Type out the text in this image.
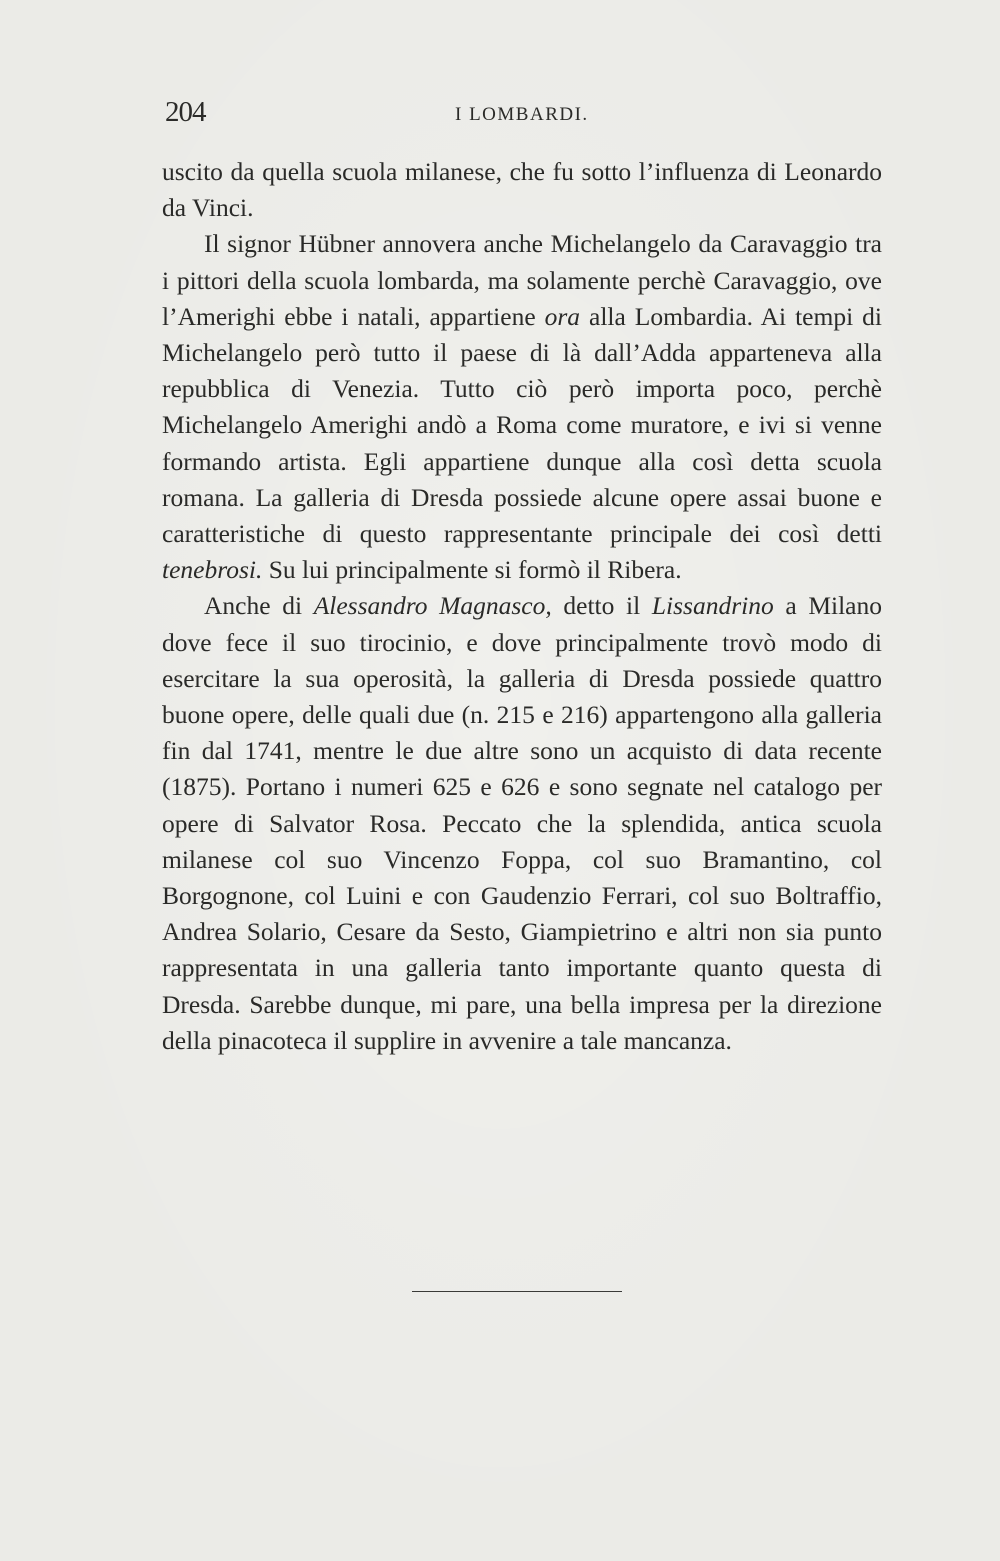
204	I LOMBARDI.

uscito da quella scuola milanese, che fu sotto l’influenza di Leonardo da Vinci.

Il signor Hübner annovera anche Michelangelo da Caravaggio tra i pittori della scuola lombarda, ma solamente perchè Caravaggio, ove l’Amerighi ebbe i natali, appartiene ora alla Lombardia. Ai tempi di Michelangelo però tutto il paese di là dall’Adda apparteneva alla repubblica di Venezia. Tutto ciò però importa poco, perchè Michelangelo Amerighi andò a Roma come muratore, e ivi si venne formando artista. Egli appartiene dunque alla così detta scuola romana. La galleria di Dresda possiede alcune opere assai buone e caratteristiche di questo rappresentante principale dei così detti tenebrosi. Su lui principalmente si formò il Ribera.

Anche di Alessandro Magnasco, detto il Lissandrino a Milano dove fece il suo tirocinio, e dove principalmente trovò modo di esercitare la sua operosità, la galleria di Dresda possiede quattro buone opere, delle quali due (n. 215 e 216) appartengono alla galleria fin dal 1741, mentre le due altre sono un acquisto di data recente (1875). Portano i numeri 625 e 626 e sono segnate nel catalogo per opere di Salvator Rosa. Peccato che la splendida, antica scuola milanese col suo Vincenzo Foppa, col suo Bramantino, col Borgognone, col Luini e con Gaudenzio Ferrari, col suo Boltraffio, Andrea Solario, Cesare da Sesto, Giampietrino e altri non sia punto rappresentata in una galleria tanto importante quanto questa di Dresda. Sarebbe dunque, mi pare, una bella impresa per la direzione della pinacoteca il supplire in avvenire a tale mancanza.
